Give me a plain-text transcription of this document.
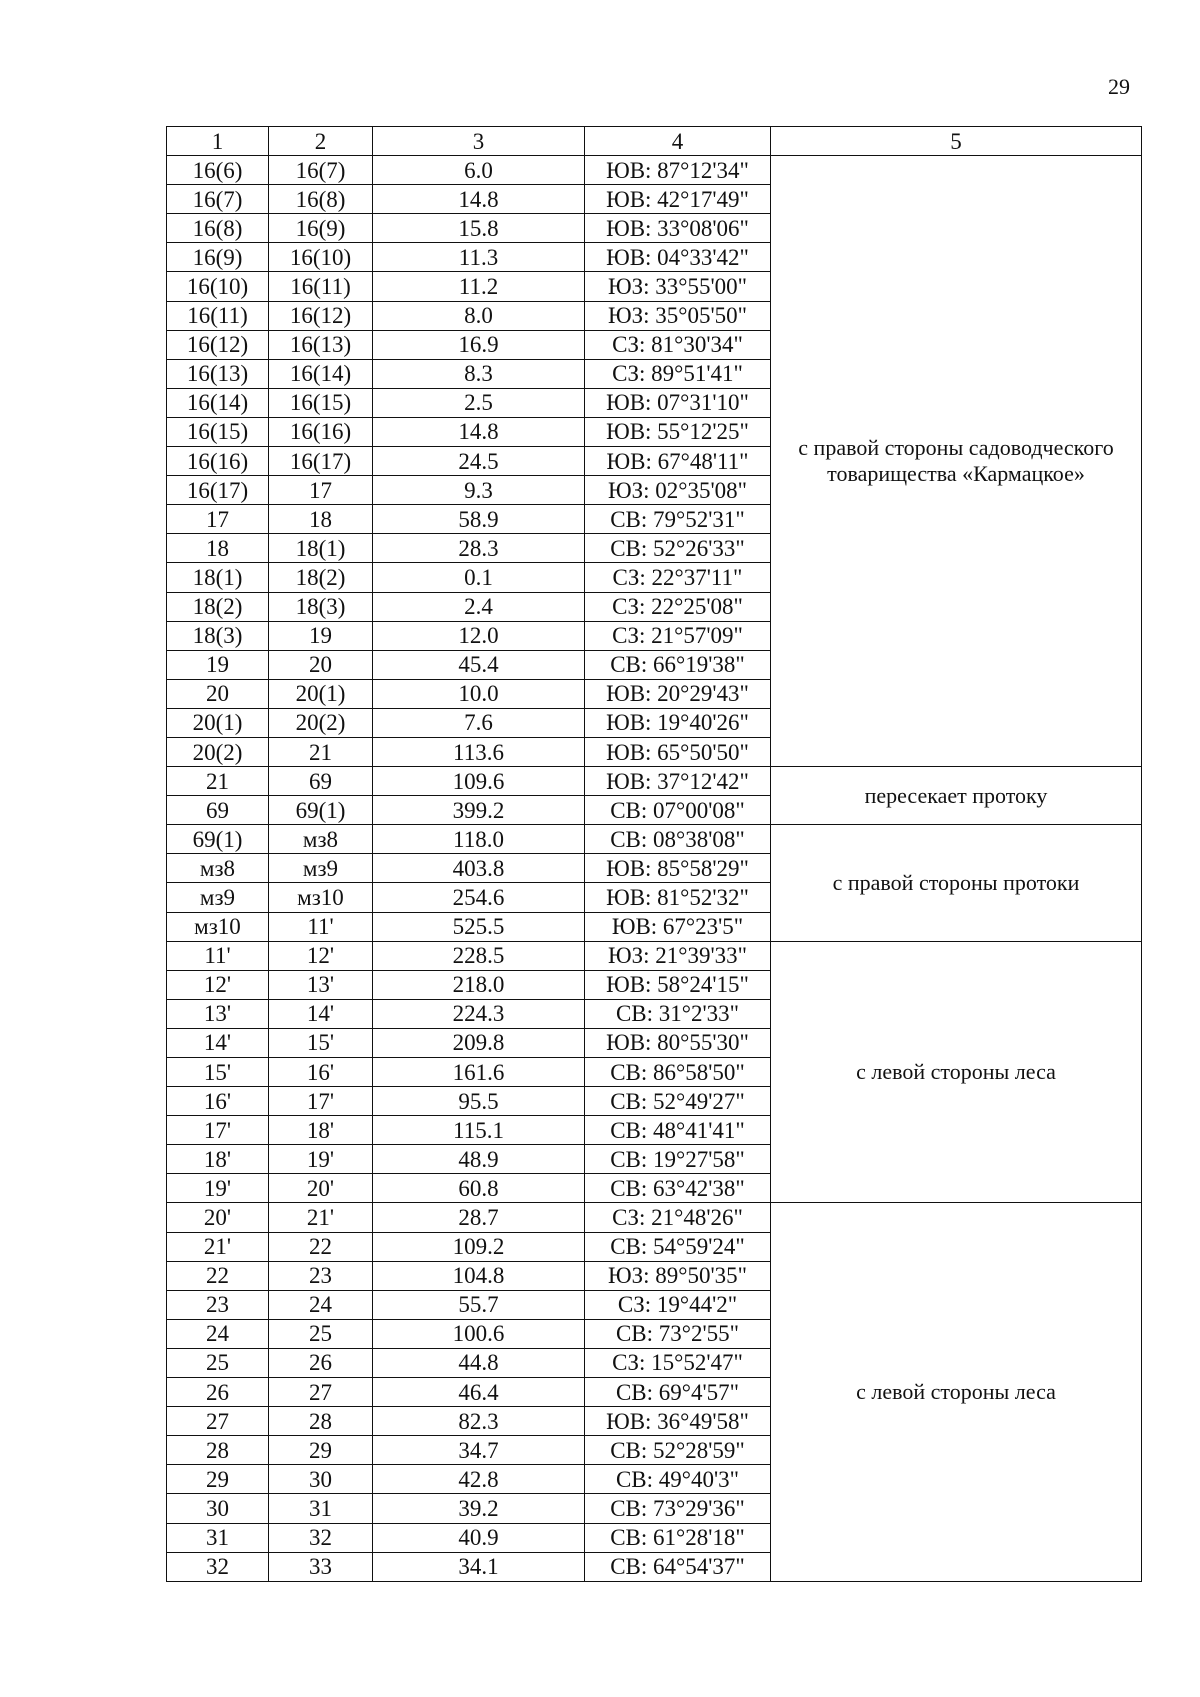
29
1	2	3	4	5
16(6)	16(7)	6.0	ЮВ: 87°12'34"	с правой стороны садоводческого товарищества «Кармацкое»
16(7)	16(8)	14.8	ЮВ: 42°17'49"	
16(8)	16(9)	15.8	ЮВ: 33°08'06"	
16(9)	16(10)	11.3	ЮВ: 04°33'42"	
16(10)	16(11)	11.2	ЮЗ: 33°55'00"	
16(11)	16(12)	8.0	ЮЗ: 35°05'50"	
16(12)	16(13)	16.9	СЗ: 81°30'34"	
16(13)	16(14)	8.3	СЗ: 89°51'41"	
16(14)	16(15)	2.5	ЮВ: 07°31'10"	
16(15)	16(16)	14.8	ЮВ: 55°12'25"	
16(16)	16(17)	24.5	ЮВ: 67°48'11"	
16(17)	17	9.3	ЮЗ: 02°35'08"	
17	18	58.9	СВ: 79°52'31"	
18	18(1)	28.3	СВ: 52°26'33"	
18(1)	18(2)	0.1	СЗ: 22°37'11"	
18(2)	18(3)	2.4	СЗ: 22°25'08"	
18(3)	19	12.0	СЗ: 21°57'09"	
19	20	45.4	СВ: 66°19'38"	
20	20(1)	10.0	ЮВ: 20°29'43"	
20(1)	20(2)	7.6	ЮВ: 19°40'26"	
20(2)	21	113.6	ЮВ: 65°50'50"	
21	69	109.6	ЮВ: 37°12'42"	пересекает протоку
69	69(1)	399.2	СВ: 07°00'08"	
69(1)	мз8	118.0	СВ: 08°38'08"	с правой стороны протоки
мз8	мз9	403.8	ЮВ: 85°58'29"	
мз9	мз10	254.6	ЮВ: 81°52'32"	
мз10	11'	525.5	ЮВ: 67°23'5"	
11'	12'	228.5	ЮЗ: 21°39'33"	с левой стороны леса
12'	13'	218.0	ЮВ: 58°24'15"	
13'	14'	224.3	СВ: 31°2'33"	
14'	15'	209.8	ЮВ: 80°55'30"	
15'	16'	161.6	СВ: 86°58'50"	
16'	17'	95.5	СВ: 52°49'27"	
17'	18'	115.1	СВ: 48°41'41"	
18'	19'	48.9	СВ: 19°27'58"	
19'	20'	60.8	СВ: 63°42'38"	
20'	21'	28.7	СЗ: 21°48'26"	с левой стороны леса
21'	22	109.2	СВ: 54°59'24"	
22	23	104.8	ЮЗ: 89°50'35"	
23	24	55.7	СЗ: 19°44'2"	
24	25	100.6	СВ: 73°2'55"	
25	26	44.8	СЗ: 15°52'47"	
26	27	46.4	СВ: 69°4'57"	
27	28	82.3	ЮВ: 36°49'58"	
28	29	34.7	СВ: 52°28'59"	
29	30	42.8	СВ: 49°40'3"	
30	31	39.2	СВ: 73°29'36"	
31	32	40.9	СВ: 61°28'18"	
32	33	34.1	СВ: 64°54'37"	
